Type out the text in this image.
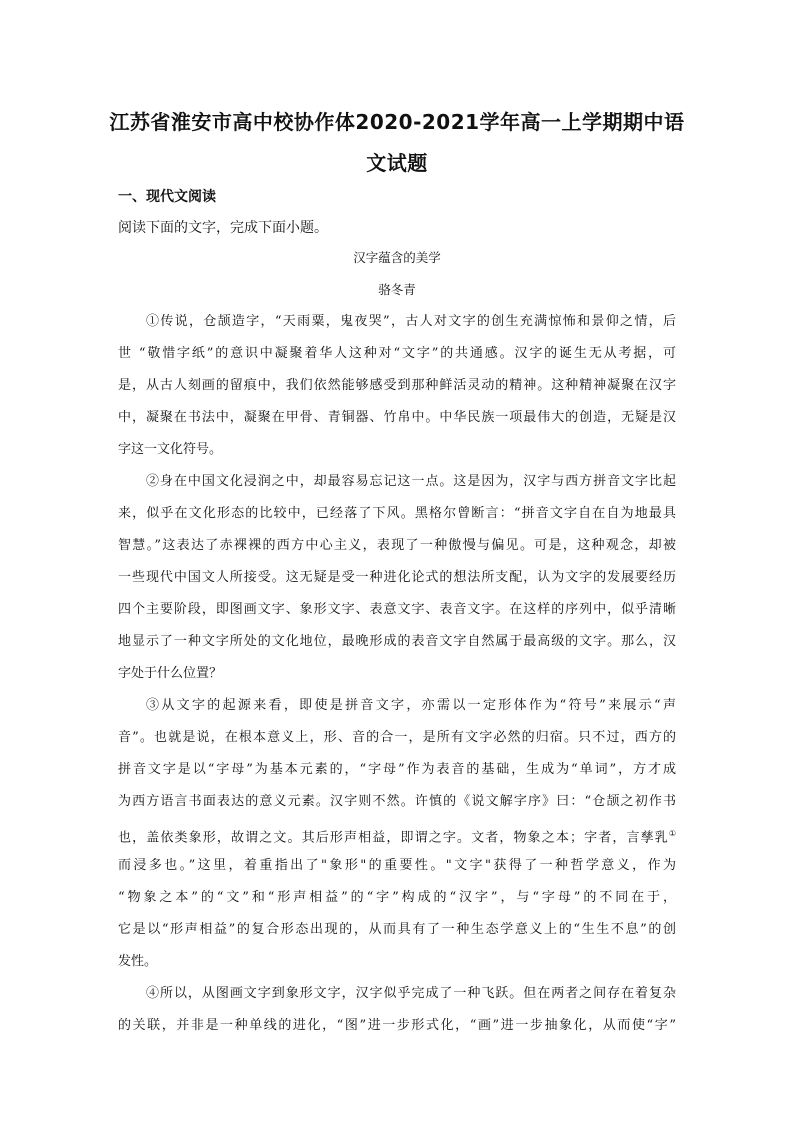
江苏省淮安市高中校协作体2020-2021学年高一上学期期中语
文试题
一、现代文阅读
阅读下面的文字，完成下面小题。
汉字蕴含的美学
骆冬青
①传说，仓颉造字，“天雨粟，鬼夜哭”，古人对文字的创生充满惊怖和景仰之情，后
世 “敬惜字纸”的意识中凝聚着华人这种对“文字”的共通感。汉字的诞生无从考据，可
是，从古人刻画的留痕中，我们依然能够感受到那种鲜活灵动的精神。这种精神凝聚在汉字
中，凝聚在书法中，凝聚在甲骨、青铜器、竹帛中。中华民族一项最伟大的创造，无疑是汉
字这一文化符号。
②身在中国文化浸润之中，却最容易忘记这一点。这是因为，汉字与西方拼音文字比起
来，似乎在文化形态的比较中，已经落了下风。黑格尔曾断言：“拼音文字自在自为地最具
智慧。”这表达了赤裸裸的西方中心主义，表现了一种傲慢与偏见。可是，这种观念，却被
一些现代中国文人所接受。这无疑是受一种进化论式的想法所支配，认为文字的发展要经历
四个主要阶段，即图画文字、象形文字、表意文字、表音文字。在这样的序列中，似乎清晰
地显示了一种文字所处的文化地位，最晚形成的表音文字自然属于最高级的文字。那么，汉
字处于什么位置？
③从文字的起源来看，即使是拼音文字，亦需以一定形体作为“符号”来展示“声
音”。也就是说，在根本意义上，形、音的合一，是所有文字必然的归宿。只不过，西方的
拼音文字是以“字母”为基本元素的，“字母”作为表音的基础，生成为“单词”，方才成
为西方语言书面表达的意义元素。汉字则不然。许慎的《说文解字序》曰：“仓颉之初作书
也，盖依类象形，故谓之文。其后形声相益，即谓之字。文者，物象之本；字者，言孳乳①
而浸多也。”这里，着重指出了"象形"的重要性。"文字"获得了一种哲学意义，作为
“物象之本”的“文”和“形声相益”的“字”构成的“汉字”，与“字母”的不同在于，
它是以“形声相益”的复合形态出现的，从而具有了一种生态学意义上的“生生不息”的创
发性。
④所以，从图画文字到象形文字，汉字似乎完成了一种飞跃。但在两者之间存在着复杂
的关联，并非是一种单线的进化，“图”进一步形式化，“画”进一步抽象化，从而使“字”
